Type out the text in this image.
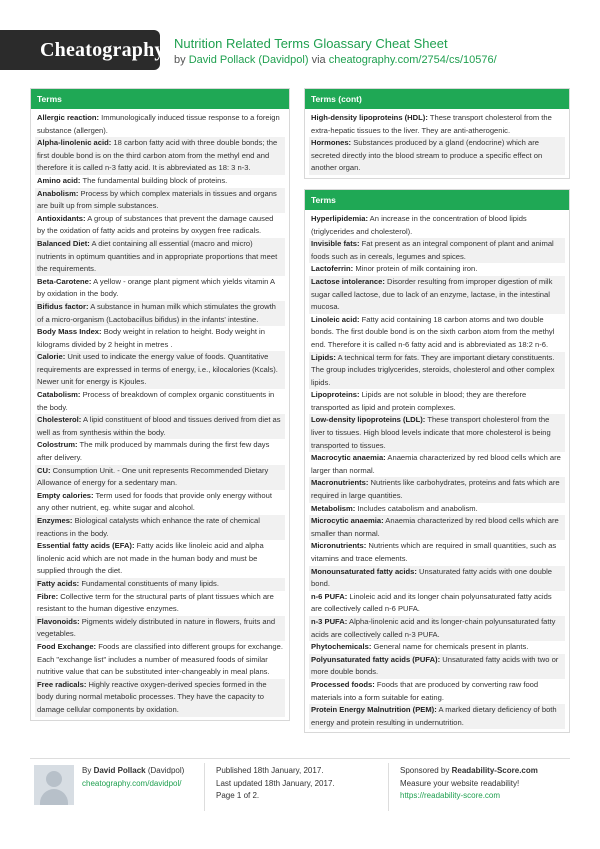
Cheatography Nutrition Related Terms Gloassary Cheat Sheet
by David Pollack (Davidpol) via cheatography.com/2754/cs/10576/
Terms
Allergic reaction: Immunologically induced tissue response to a foreign substance (allergen).
Alpha-linolenic acid: 18 carbon fatty acid with three double bonds; the first double bond is on the third carbon atom from the methyl end and therefore it is called n-3 fatty acid. It is abbreviated as 18: 3 n-3.
Amino acid: The fundamental building block of proteins.
Anabolism: Process by which complex materials in tissues and organs are built up from simple substances.
Antioxidants: A group of substances that prevent the damage caused by the oxidation of fatty acids and proteins by oxygen free radicals.
Balanced Diet: A diet containing all essential (macro and micro) nutrients in optimum quantities and in appropriate proportions that meet the requirements.
Beta-Carotene: A yellow - orange plant pigment which yields vitamin A by oxidation in the body.
Bifidus factor: A substance in human milk which stimulates the growth of a micro-organism (Lactobacillus bifidus) in the infants' intestine.
Body Mass Index: Body weight in relation to height. Body weight in kilograms divided by 2 height in metres .
Calorie: Unit used to indicate the energy value of foods. Quantitative requirements are expressed in terms of energy, i.e., kilocalories (Kcals). Newer unit for energy is Kjoules.
Catabolism: Process of breakdown of complex organic constituents in the body.
Cholesterol: A lipid constituent of blood and tissues derived from diet as well as from synthesis within the body.
Colostrum: The milk produced by mammals during the first few days after delivery.
CU: Consumption Unit. - One unit represents Recommended Dietary Allowance of energy for a sedentary man.
Empty calories: Term used for foods that provide only energy without any other nutrient, eg. white sugar and alcohol.
Enzymes: Biological catalysts which enhance the rate of chemical reactions in the body.
Essential fatty acids (EFA): Fatty acids like linoleic acid and alpha linolenic acid which are not made in the human body and must be supplied through the diet.
Fatty acids: Fundamental constituents of many lipids.
Fibre: Collective term for the structural parts of plant tissues which are resistant to the human digestive enzymes.
Flavonoids: Pigments widely distributed in nature in flowers, fruits and vegetables.
Food Exchange: Foods are classified into different groups for exchange. Each "exchange list" includes a number of measured foods of similar nutritive value that can be substituted inter-changeably in meal plans.
Free radicals: Highly reactive oxygen-derived species formed in the body during normal metabolic processes. They have the capacity to damage cellular components by oxidation.
Terms (cont)
High-density lipoproteins (HDL): These transport cholesterol from the extra-hepatic tissues to the liver. They are anti-atherogenic.
Hormones: Substances produced by a gland (endocrine) which are secreted directly into the blood stream to produce a specific effect on another organ.
Terms
Hyperlipidemia: An increase in the concentration of blood lipids (triglycerides and cholesterol).
Invisible fats: Fat present as an integral component of plant and animal foods such as in cereals, legumes and spices.
Lactoferrin: Minor protein of milk containing iron.
Lactose intolerance: Disorder resulting from improper digestion of milk sugar called lactose, due to lack of an enzyme, lactase, in the intestinal mucosa.
Linoleic acid: Fatty acid containing 18 carbon atoms and two double bonds. The first double bond is on the sixth carbon atom from the methyl end. Therefore it is called n-6 fatty acid and is abbreviated as 18:2 n-6.
Lipids: A technical term for fats. They are important dietary constituents. The group includes triglycerides, steroids, cholesterol and other complex lipids.
Lipoproteins: Lipids are not soluble in blood; they are therefore transported as lipid and protein complexes.
Low-density lipoproteins (LDL): These transport cholesterol from the liver to tissues. High blood levels indicate that more cholesterol is being transported to tissues.
Macrocytic anaemia: Anaemia characterized by red blood cells which are larger than normal.
Macronutrients: Nutrients like carbohydrates, proteins and fats which are required in large quantities.
Metabolism: Includes catabolism and anabolism.
Microcytic anaemia: Anaemia characterized by red blood cells which are smaller than normal.
Micronutrients: Nutrients which are required in small quantities, such as vitamins and trace elements.
Monounsaturated fatty acids: Unsaturated fatty acids with one double bond.
n-6 PUFA: Linoleic acid and its longer chain polyunsaturated fatty acids are collectively called n-6 PUFA.
n-3 PUFA: Alpha-linolenic acid and its longer-chain polyunsaturated fatty acids are collectively called n-3 PUFA.
Phytochemicals: General name for chemicals present in plants.
Polyunsaturated fatty acids (PUFA): Unsaturated fatty acids with two or more double bonds.
Processed foods: Foods that are produced by converting raw food materials into a form suitable for eating.
Protein Energy Malnutrition (PEM): A marked dietary deficiency of both energy and protein resulting in undernutrition.
By David Pollack (Davidpol)
cheatography.com/davidpol/
Published 18th January, 2017.
Last updated 18th January, 2017.
Page 1 of 2.
Sponsored by Readability-Score.com
Measure your website readability!
https://readability-score.com
